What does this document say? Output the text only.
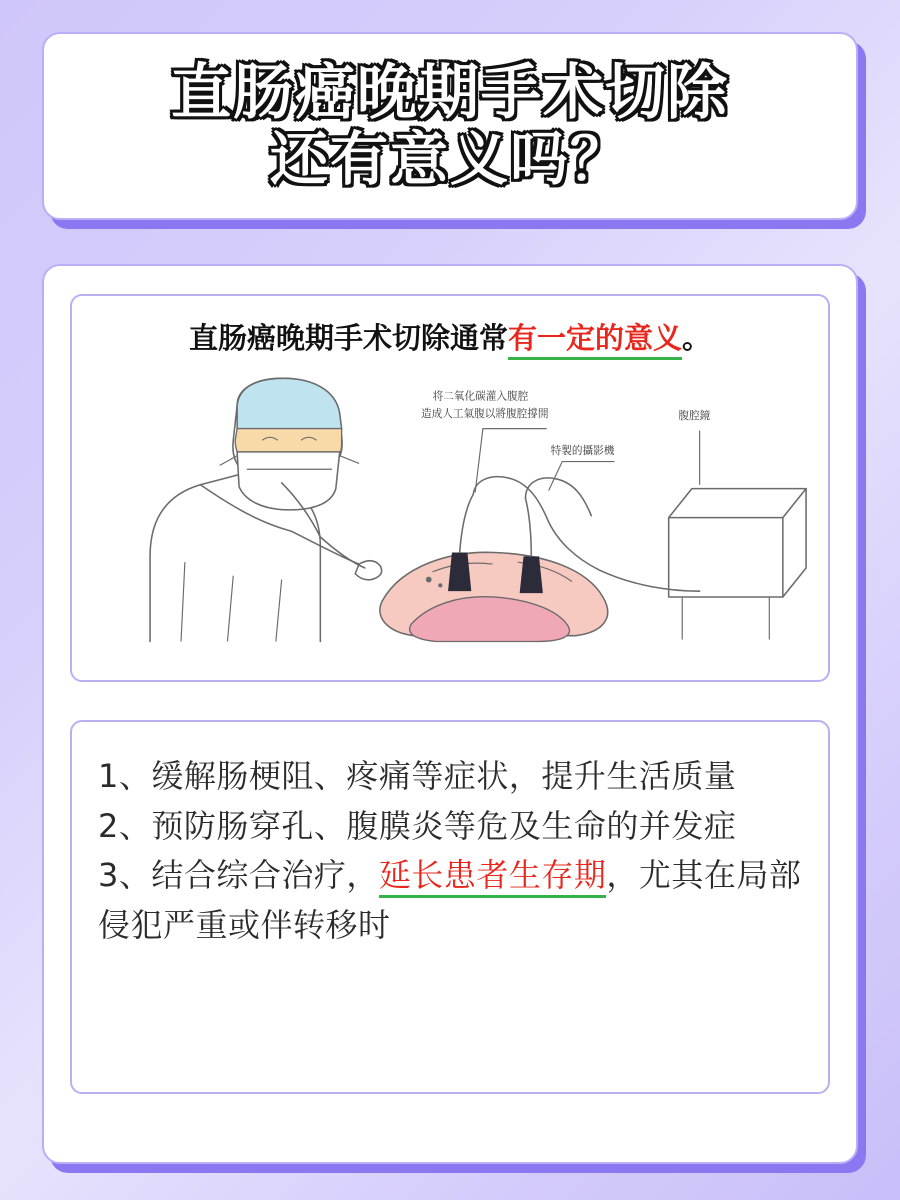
直肠癌晚期手术切除
还有意义吗？
直肠癌晚期手术切除通常有一定的意义。
将二氧化碳灌入腹腔
造成人工氣腹以將腹腔撐開
特製的攝影機
腹腔鏡

1、缓解肠梗阻、疼痛等症状，提升生活质量

2、预防肠穿孔、腹膜炎等危及生命的并发症

3、结合综合治疗，延长患者生存期，尤其在局部侵犯严重或伴转移时
